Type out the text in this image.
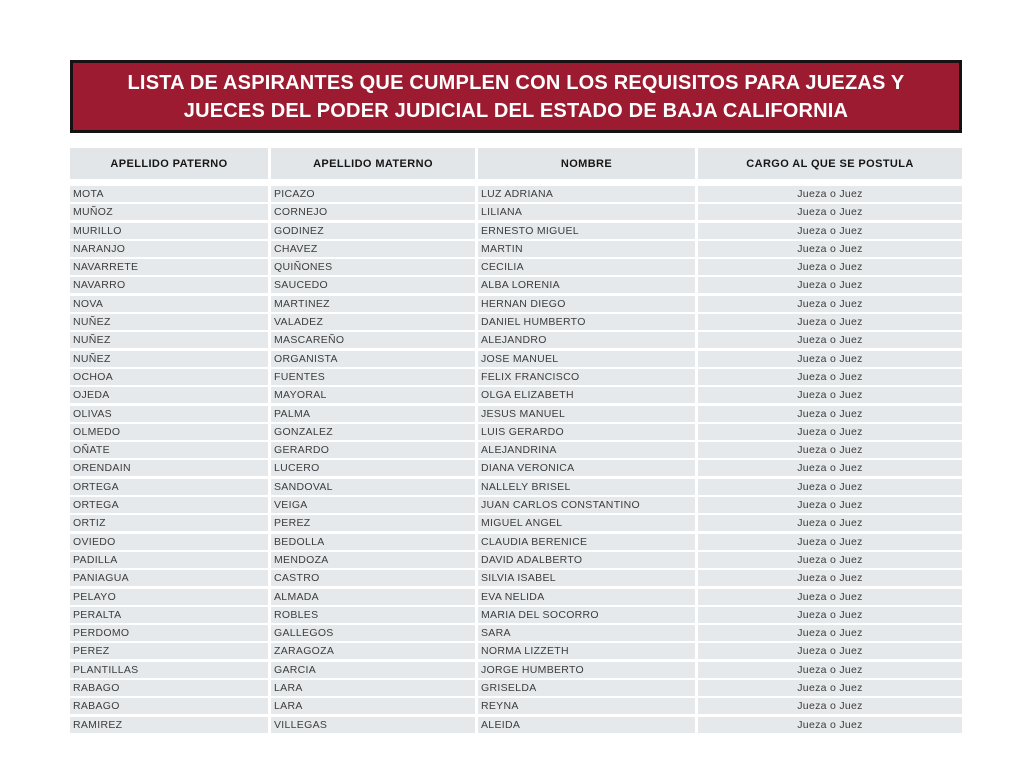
LISTA DE ASPIRANTES QUE CUMPLEN CON LOS REQUISITOS PARA JUEZAS Y JUECES DEL PODER JUDICIAL DEL ESTADO DE BAJA CALIFORNIA
APELLIDO PATERNO	APELLIDO MATERNO	NOMBRE	CARGO AL QUE SE POSTULA
MOTA	PICAZO	LUZ ADRIANA	Jueza o Juez
MUÑOZ	CORNEJO	LILIANA	Jueza o Juez
MURILLO	GODINEZ	ERNESTO MIGUEL	Jueza o Juez
NARANJO	CHAVEZ	MARTIN	Jueza o Juez
NAVARRETE	QUIÑONES	CECILIA	Jueza o Juez
NAVARRO	SAUCEDO	ALBA LORENIA	Jueza o Juez
NOVA	MARTINEZ	HERNAN DIEGO	Jueza o Juez
NUÑEZ	VALADEZ	DANIEL HUMBERTO	Jueza o Juez
NUÑEZ	MASCAREÑO	ALEJANDRO	Jueza o Juez
NUÑEZ	ORGANISTA	JOSE MANUEL	Jueza o Juez
OCHOA	FUENTES	FELIX FRANCISCO	Jueza o Juez
OJEDA	MAYORAL	OLGA ELIZABETH	Jueza o Juez
OLIVAS	PALMA	JESUS MANUEL	Jueza o Juez
OLMEDO	GONZALEZ	LUIS GERARDO	Jueza o Juez
OÑATE	GERARDO	ALEJANDRINA	Jueza o Juez
ORENDAIN	LUCERO	DIANA VERONICA	Jueza o Juez
ORTEGA	SANDOVAL	NALLELY BRISEL	Jueza o Juez
ORTEGA	VEIGA	JUAN CARLOS CONSTANTINO	Jueza o Juez
ORTIZ	PEREZ	MIGUEL ANGEL	Jueza o Juez
OVIEDO	BEDOLLA	CLAUDIA BERENICE	Jueza o Juez
PADILLA	MENDOZA	DAVID ADALBERTO	Jueza o Juez
PANIAGUA	CASTRO	SILVIA ISABEL	Jueza o Juez
PELAYO	ALMADA	EVA NELIDA	Jueza o Juez
PERALTA	ROBLES	MARIA DEL SOCORRO	Jueza o Juez
PERDOMO	GALLEGOS	SARA	Jueza o Juez
PEREZ	ZARAGOZA	NORMA LIZZETH	Jueza o Juez
PLANTILLAS	GARCIA	JORGE HUMBERTO	Jueza o Juez
RABAGO	LARA	GRISELDA	Jueza o Juez
RABAGO	LARA	REYNA	Jueza o Juez
RAMIREZ	VILLEGAS	ALEIDA	Jueza o Juez
